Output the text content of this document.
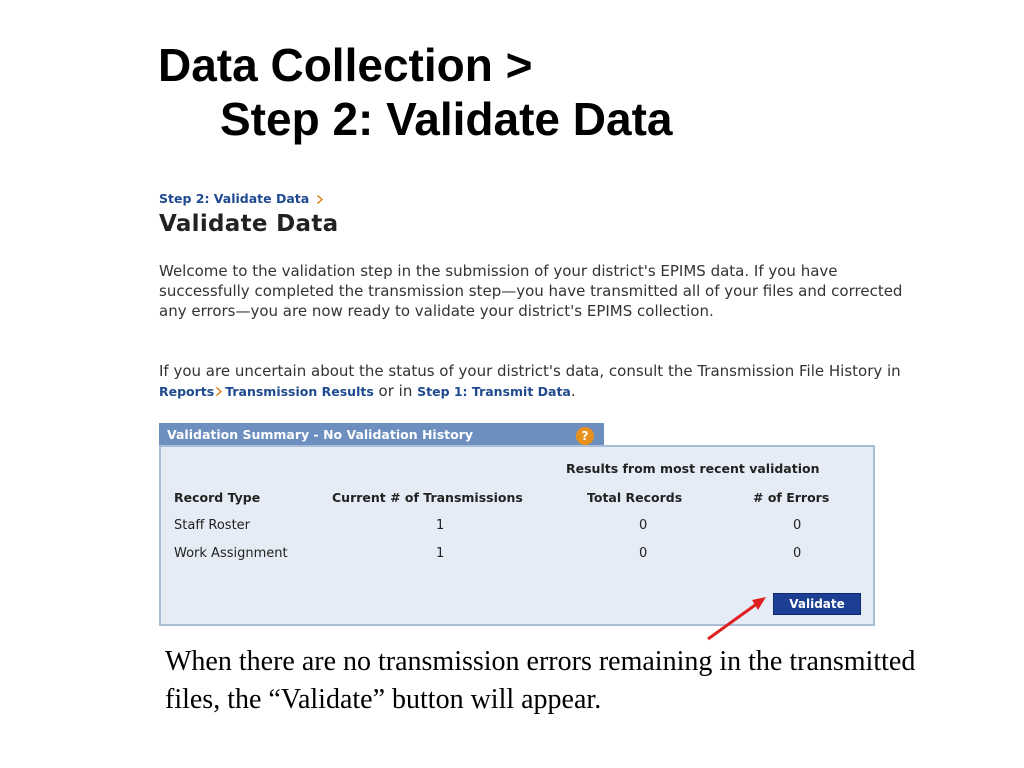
Data Collection >
Step 2: Validate Data
Step 2: Validate Data
Validate Data
Welcome to the validation step in the submission of your district's EPIMS data. If you have successfully completed the transmission step—you have transmitted all of your files and corrected any errors—you are now ready to validate your district's EPIMS collection.
If you are uncertain about the status of your district's data, consult the Transmission File History in Reports Transmission Results or in Step 1: Transmit Data.
Validation Summary - No Validation History	?
Results from most recent validation
Record Type	Current # of Transmissions	Total Records	# of Errors
Staff Roster	1	0	0
Work Assignment	1	0	0
Validate
When there are no transmission errors remaining in the transmitted files, the “Validate” button will appear.
